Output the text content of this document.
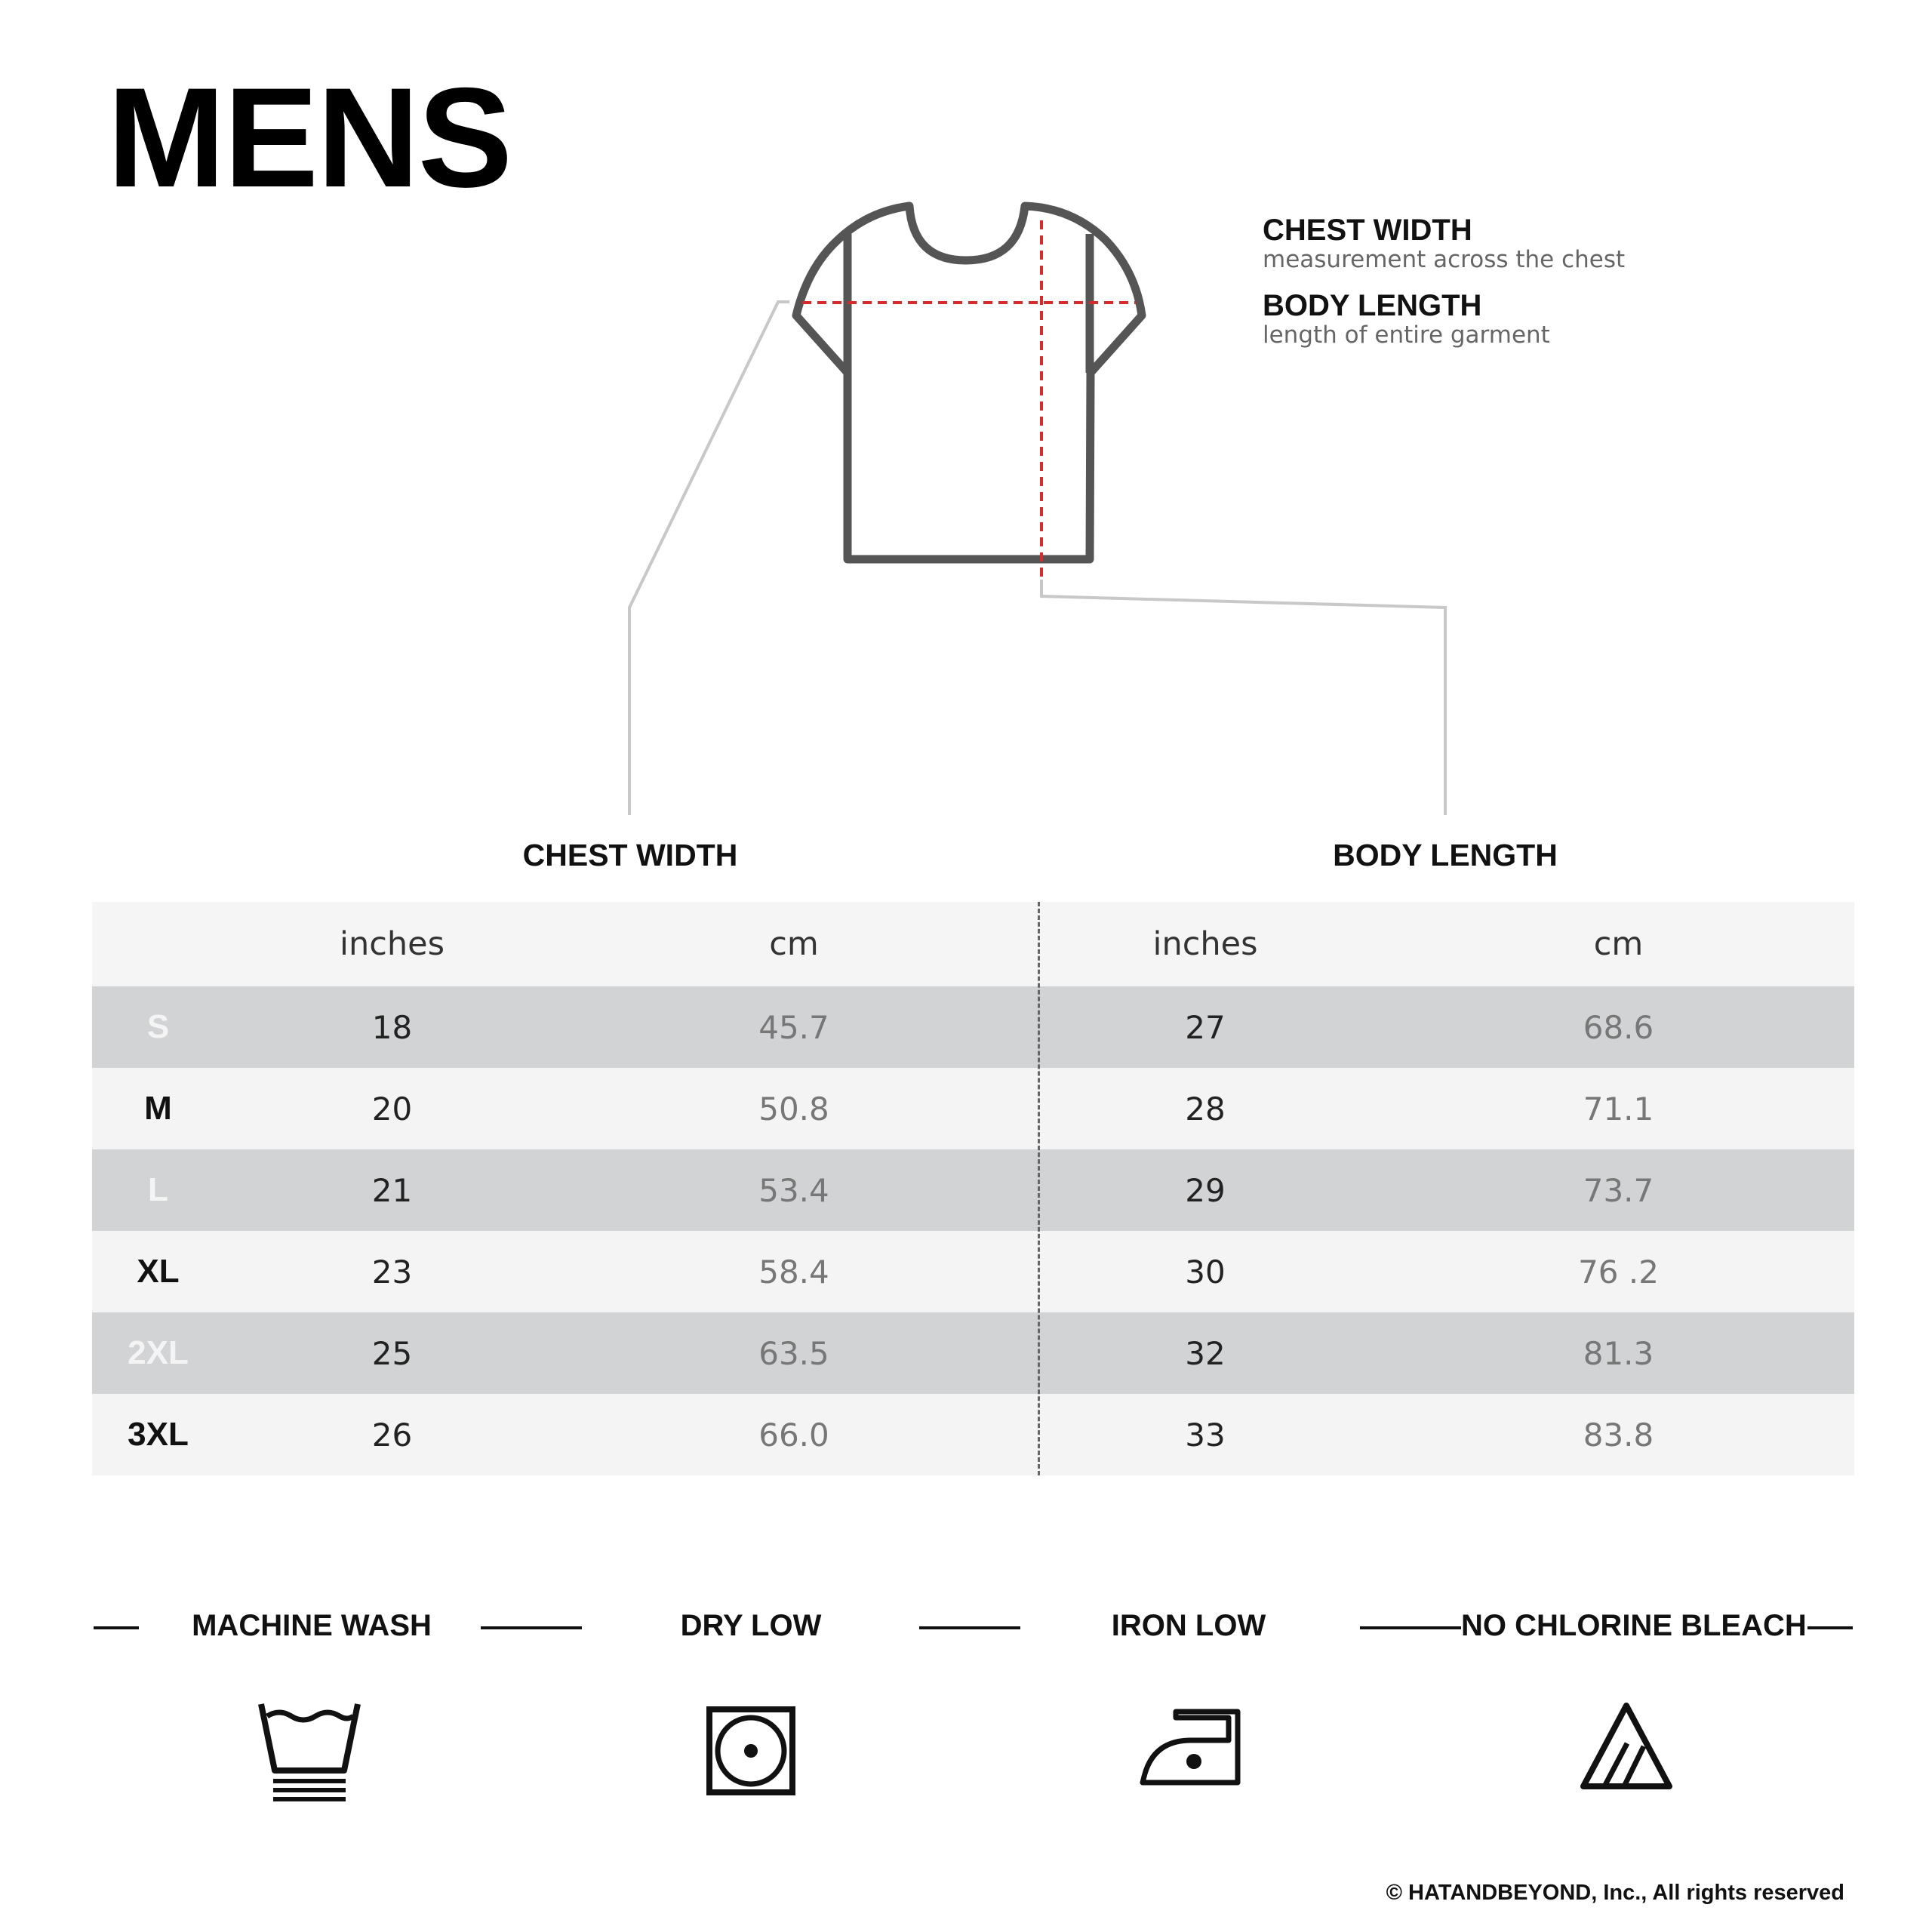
MENS
CHEST WIDTH
measurement across the chest
BODY LENGTH
length of entire garment
CHEST WIDTH	BODY LENGTH
inches	cm	inches	cm
S	18	45.7	27	68.6
M	20	50.8	28	71.1
L	21	53.4	29	73.7
XL	23	58.4	30	76 .2
2XL	25	63.5	32	81.3
3XL	26	66.0	33	83.8
MACHINE WASH	DRY LOW	IRON LOW	NO CHLORINE BLEACH
© HATANDBEYOND, Inc., All rights reserved
